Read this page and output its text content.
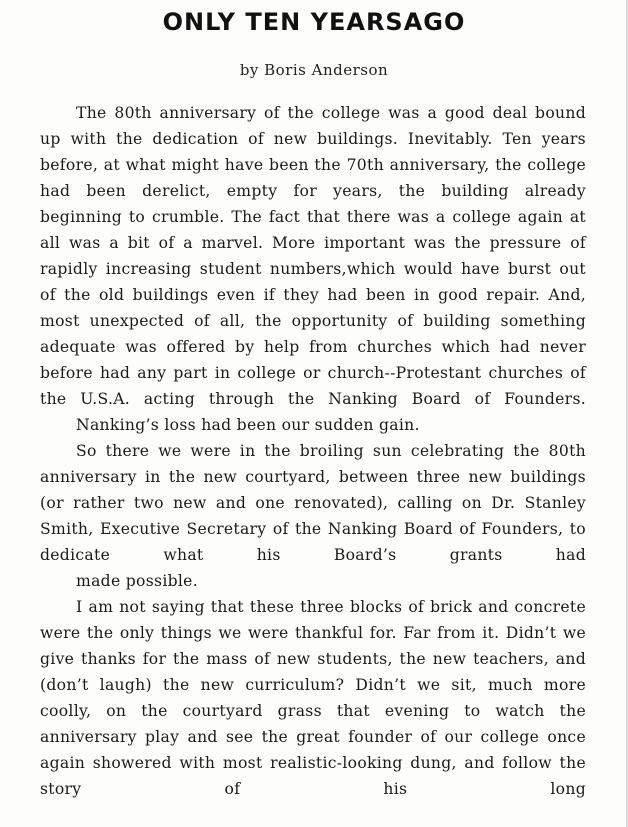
ONLY TEN YEARSAGO
by Boris Anderson

The 80th anniversary of the college was a good deal bound up with the dedication of new buildings. Inevitably. Ten years before, at what might have been the 70th anniversary, the college had been derelict, empty for years, the building already beginning to crumble. The fact that there was a college again at all was a bit of a marvel. More important was the pressure of rapidly increasing student numbers,which would have burst out of the old buildings even if they had been in good repair. And, most unexpected of all, the opportunity of building something adequate was offered by help from churches which had never before had any part in college or church--Protestant churches of the U.S.A. acting through the Nanking Board of Founders.
Nanking’s loss had been our sudden gain.

So there we were in the broiling sun celebrating the 80th anniversary in the new courtyard, between three new buildings (or rather two new and one renovated), calling on Dr. Stanley Smith, Executive Secretary of the Nanking Board of Founders, to dedicate what his Board’s grants had
made possible.

I am not saying that these three blocks of brick and concrete were the only things we were thankful for. Far from it. Didn’t we give thanks for the mass of new students, the new teachers, and (don’t laugh) the new curriculum? Didn’t we sit, much more coolly, on the courtyard grass that evening to watch the anniversary play and see the great founder of our college once again showered with most realistic-looking dung, and follow the story of his long
